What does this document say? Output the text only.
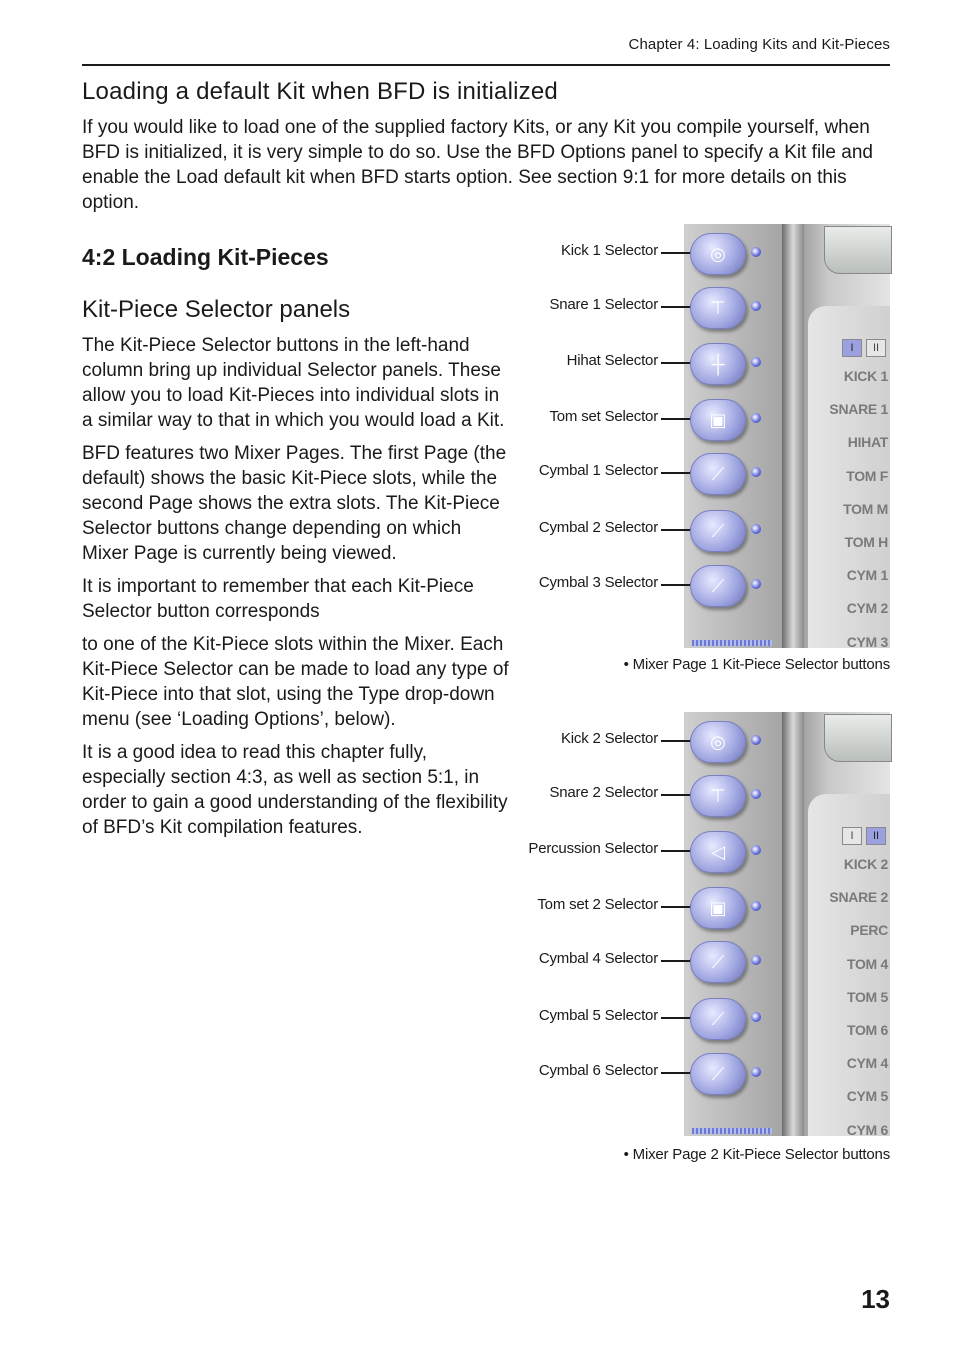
Chapter 4: Loading Kits and Kit-Pieces
Loading a default Kit when BFD is initialized

If you would like to load one of the supplied factory Kits, or any Kit you compile yourself, when BFD is initialized, it is very simple to do so. Use the BFD Options panel to specify a Kit file and enable the Load default kit when BFD starts option. See section 9:1 for more details on this option.

4:2 Loading Kit-Pieces
Kit-Piece Selector panels

The Kit-Piece Selector buttons in the left-hand column bring up individual Selector panels. These allow you to load Kit-Pieces into individual slots in a similar way to that in which you would load a Kit.

BFD features two Mixer Pages. The first Page (the default) shows the basic Kit-Piece slots, while the second Page shows the extra slots. The Kit-Piece Selector buttons change depending on which Mixer Page is currently being viewed.

It is important to remember that each Kit-Piece Selector button corresponds

to one of the Kit-Piece slots within the Mixer. Each Kit-Piece Selector can be made to load any type of Kit-Piece into that slot, using the Type drop-down menu (see ‘Loading Options’, below).

It is a good idea to read this chapter fully, especially section 4:3, as well as section 5:1, in order to gain a good understanding of the flexibility of BFD’s Kit compilation features.

I II
KICK 1
SNARE 1
HIHAT
TOM F
TOM M
TOM H
CYM 1
CYM 2
CYM 3
Kick 1 Selector	◎
Snare 1 Selector	⊤
Hihat Selector	┼
Tom set Selector	▣
Cymbal 1 Selector	⟋
Cymbal 2 Selector	⟋
Cymbal 3 Selector	⟋
• Mixer Page 1 Kit-Piece Selector buttons
I II
KICK 2
SNARE 2
PERC
TOM 4
TOM 5
TOM 6
CYM 4
CYM 5
CYM 6
Kick 2 Selector	◎
Snare 2 Selector	⊤
Percussion Selector	◁
Tom set 2 Selector	▣
Cymbal 4 Selector	⟋
Cymbal 5 Selector	⟋
Cymbal 6 Selector	⟋
• Mixer Page 2 Kit-Piece Selector buttons
13
